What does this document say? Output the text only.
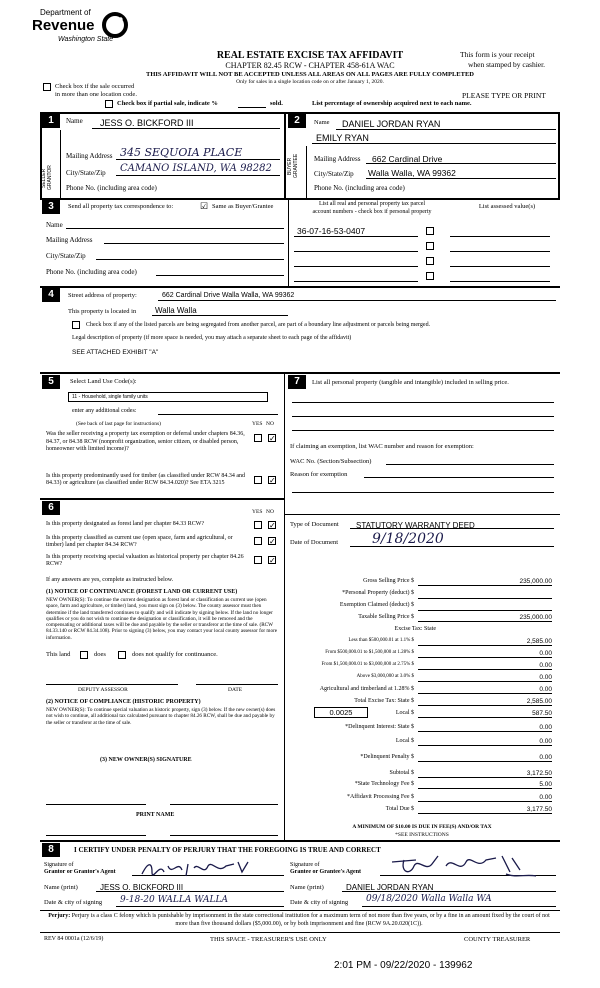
Department of
Revenue
Washington State
REAL ESTATE EXCISE TAX AFFIDAVIT
CHAPTER 82.45 RCW - CHAPTER 458-61A WAC
THIS AFFIDAVIT WILL NOT BE ACCEPTED UNLESS ALL AREAS ON ALL PAGES ARE FULLY COMPLETED
Only for sales in a single location code on or after January 1, 2020.
This form is your receipt
when stamped by cashier.
Check box if the sale occurred
in more than one location code.	PLEASE TYPE OR PRINT
Check box if partial sale, indicate %	sold.	List percentage of ownership acquired next to each name.
1	Name JESS O. BICKFORD III
SELLER GRANTOR
Mailing Address 345 SEQUOIA PLACE
City/State/Zip CAMANO ISLAND, WA 98282
Phone No. (including area code)
2	Name DANIEL JORDAN RYAN
EMILY RYAN
BUYER GRANTEE	Mailing Address 662 Cardinal Drive
City/State/Zip Walla Walla, WA 99362
Phone No. (including area code)
3	Send all property tax correspondence to:	☑ Same as Buyer/Grantee	List all real and personal property tax parcel
account numbers - check box if personal property
List assessed value(s)
Name
Mailing Address
City/State/Zip
Phone No. (including area code)
36-07-16-53-0407
4	Street address of property:	662 Cardinal Drive Walla Walla, WA 99362
This property is located in Walla Walla
Check box if any of the listed parcels are being segregated from another parcel, are part of a boundary line adjustment or parcels being merged.
Legal description of property (if more space is needed, you may attach a separate sheet to each page of the affidavit)
SEE ATTACHED EXHIBIT "A"
5	Select Land Use Code(s):
11 - Household, single family units
enter any additional codes:
(See back of last page for instructions)	YES NO
Was the seller receiving a property tax exemption or deferral under chapters 84.36, 84.37, or 84.38 RCW (nonprofit organization, senior citizen, or disabled person, homeowner with limited income)?
✓
Is this property predominantly used for timber (as classified under RCW 84.34 and 84.33) or agriculture (as classified under RCW 84.34.020)? See ETA 3215	✓
7	List all personal property (tangible and intangible) included in selling price.
If claiming an exemption, list WAC number and reason for exemption:
WAC No. (Section/Subsection)
Reason for exemption
6	YES NO
Is this property designated as forest land per chapter 84.33 RCW?	✓
Is this property classified as current use (open space, farm and agricultural, or timber) land per chapter 84.34 RCW?	✓
Is this property receiving special valuation as historical property per chapter 84.26 RCW?	✓
If any answers are yes, complete as instructed below.
(1) NOTICE OF CONTINUANCE (FOREST LAND OR CURRENT USE)
NEW OWNER(S): To continue the current designation as forest land or classification as current use (open space, farm and agriculture, or timber) land, you must sign on (3) below. The county assessor must then determine if the land transferred continues to qualify and will indicate by signing below. If the land no longer qualifies or you do not wish to continue the designation or classification, it will be removed and the compensating or additional taxes will be due and payable by the seller or transferor at the time of sale. (RCW 84.33.140 or RCW 84.34.108). Prior to signing (3) below, you may contact your local county assessor for more information.
This land	does	does not qualify for continuance.
DEPUTY ASSESSOR	DATE
(2) NOTICE OF COMPLIANCE (HISTORIC PROPERTY)
NEW OWNER(S): To continue special valuation as historic property, sign (3) below. If the new owner(s) does not wish to continue, all additional tax calculated pursuant to chapter 84.26 RCW, shall be due and payable by the seller or transferor at the time of sale.
(3) NEW OWNER(S) SIGNATURE
PRINT NAME
Type of Document STATUTORY WARRANTY DEED
Date of Document 9/18/2020
Gross Selling Price $	235,000.00
*Personal Property (deduct) $
Exemption Claimed (deduct) $
Taxable Selling Price $	235,000.00
Excise Tax: State
Less than $500,000.01 at 1.1% $	2,585.00
From $500,000.01 to $1,500,000 at 1.28% $	0.00
From $1,500,000.01 to $3,000,000 at 2.75% $	0.00
Above $3,000,000 at 3.0% $	0.00
Agricultural and timberland at 1.28% $	0.00
Total Excise Tax: State $	2,585.00
0.0025	Local $	587.50
*Delinquent Interest: State $	0.00
Local $	0.00
*Delinquent Penalty $	0.00
Subtotal $	3,172.50
*State Technology Fee $	5.00
*Affidavit Processing Fee $	0.00
Total Due $	3,177.50
A MINIMUM OF $10.00 IS DUE IN FEE(S) AND/OR TAX
*SEE INSTRUCTIONS
8	I CERTIFY UNDER PENALTY OF PERJURY THAT THE FOREGOING IS TRUE AND CORRECT
Signature of
Grantor or Grantor's Agent
Signature of
Grantee or Grantee's Agent
Name (print)	JESS O. BICKFORD III	Name (print)	DANIEL JORDAN RYAN
Date & city of signing 9-18-20 WALLA WALLA	Date & city of signing 09/18/2020 Walla Walla WA
Perjury: Perjury is a class C felony which is punishable by imprisonment in the state correctional institution for a maximum term of not more than five years, or by a fine in an amount fixed by the court of not more than five thousand dollars ($5,000.00), or by both imprisonment and fine (RCW 9A.20.020(1C)).
REV 84 0001a (12/6/19)	THIS SPACE - TREASURER'S USE ONLY	COUNTY TREASURER
2:01 PM - 09/22/2020 - 139962
